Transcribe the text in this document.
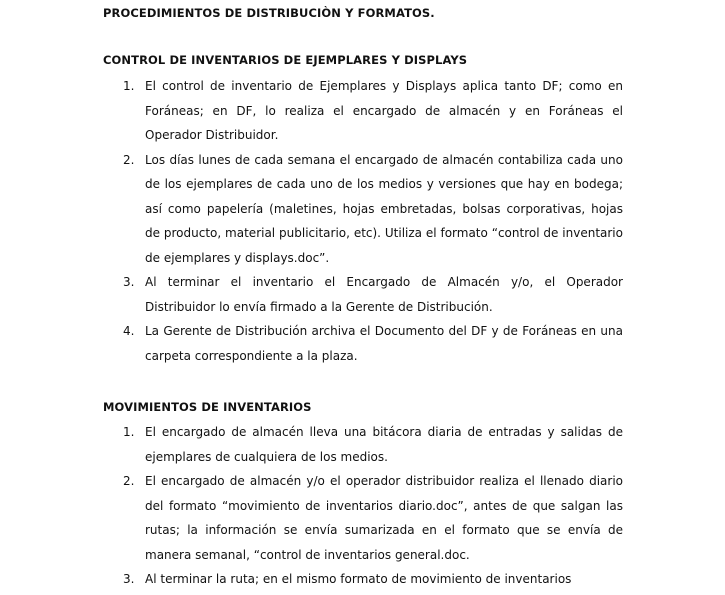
PROCEDIMIENTOS DE DISTRIBUCIÒN Y FORMATOS.
CONTROL DE INVENTARIOS DE EJEMPLARES Y DISPLAYS
1. El control de inventario de Ejemplares y Displays aplica tanto DF; como en Foráneas; en DF, lo realiza el encargado de almacén y en Foráneas el Operador Distribuidor.
2. Los días lunes de cada semana el encargado de almacén contabiliza cada uno de los ejemplares de cada uno de los medios y versiones que hay en bodega; así como papelería (maletines, hojas embretadas, bolsas corporativas, hojas de producto, material publicitario, etc). Utiliza el formato “control de inventario de ejemplares y displays.doc”.
3. Al terminar el inventario el Encargado de Almacén y/o, el Operador Distribuidor lo envía firmado a la Gerente de Distribución.
4. La Gerente de Distribución archiva el Documento del DF y de Foráneas en una carpeta correspondiente a la plaza.
MOVIMIENTOS DE INVENTARIOS
1. El encargado de almacén lleva una bitácora diaria de entradas y salidas de ejemplares de cualquiera de los medios.
2. El encargado de almacén y/o el operador distribuidor realiza el llenado diario del formato “movimiento de inventarios diario.doc”, antes de que salgan las rutas; la información se envía sumarizada en el formato que se envía de manera semanal, “control de inventarios general.doc.
3. Al terminar la ruta; en el mismo formato de movimiento de inventarios
